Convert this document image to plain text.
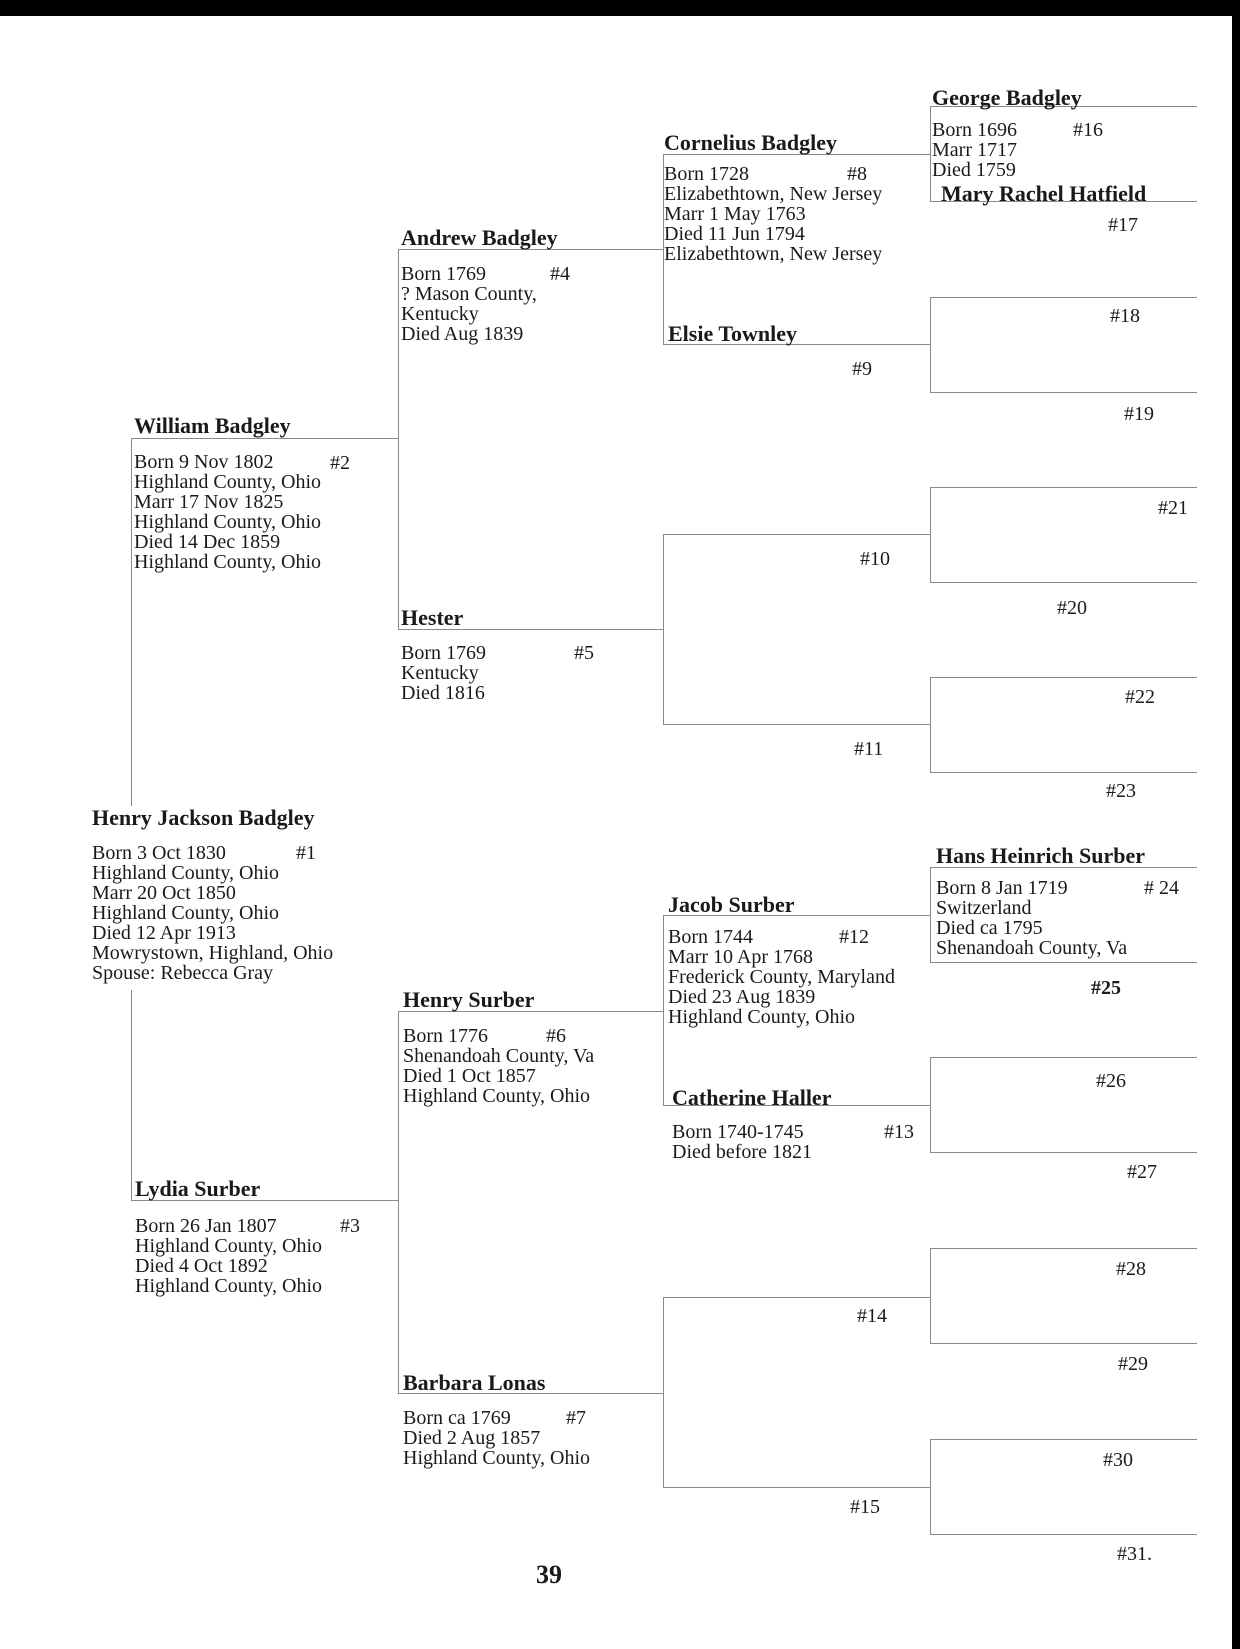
Henry Jackson Badgley
#1
Born 3 Oct 1830
Highland County, Ohio
Marr 20 Oct 1850
Highland County, Ohio
Died 12 Apr 1913
Mowrystown, Highland, Ohio
Spouse: Rebecca Gray
William Badgley
#2
Born 9 Nov 1802
Highland County, Ohio
Marr 17 Nov 1825
Highland County, Ohio
Died 14 Dec 1859
Highland County, Ohio
Lydia Surber
#3
Born 26 Jan 1807
Highland County, Ohio
Died 4 Oct 1892
Highland County, Ohio
Andrew Badgley
#4
Born 1769
? Mason County,
Kentucky
Died Aug 1839
Hester
#5
Born 1769
Kentucky
Died 1816
Henry Surber
#6
Born 1776
Shenandoah County, Va
Died 1 Oct 1857
Highland County, Ohio
Barbara Lonas
#7
Born ca 1769
Died 2 Aug 1857
Highland County, Ohio
Cornelius Badgley
#8
Born 1728
Elizabethtown, New Jersey
Marr 1 May 1763
Died 11 Jun 1794
Elizabethtown, New Jersey
Elsie Townley
#9
#10
#11
Jacob Surber
#12
Born 1744
Marr 10 Apr 1768
Frederick County, Maryland
Died 23 Aug 1839
Highland County, Ohio
Catherine Haller
#13
Born 1740-1745
Died before 1821
#14
#15
George Badgley
#16
Born 1696
Marr 1717
Died 1759
Mary Rachel Hatfield
#17
#18
#19
#20
#21
#22
#23
Hans Heinrich Surber
# 24
Born 8 Jan 1719
Switzerland
Died ca 1795
Shenandoah County, Va
#25
#26
#27
#28
#29
#30
#31.
39
